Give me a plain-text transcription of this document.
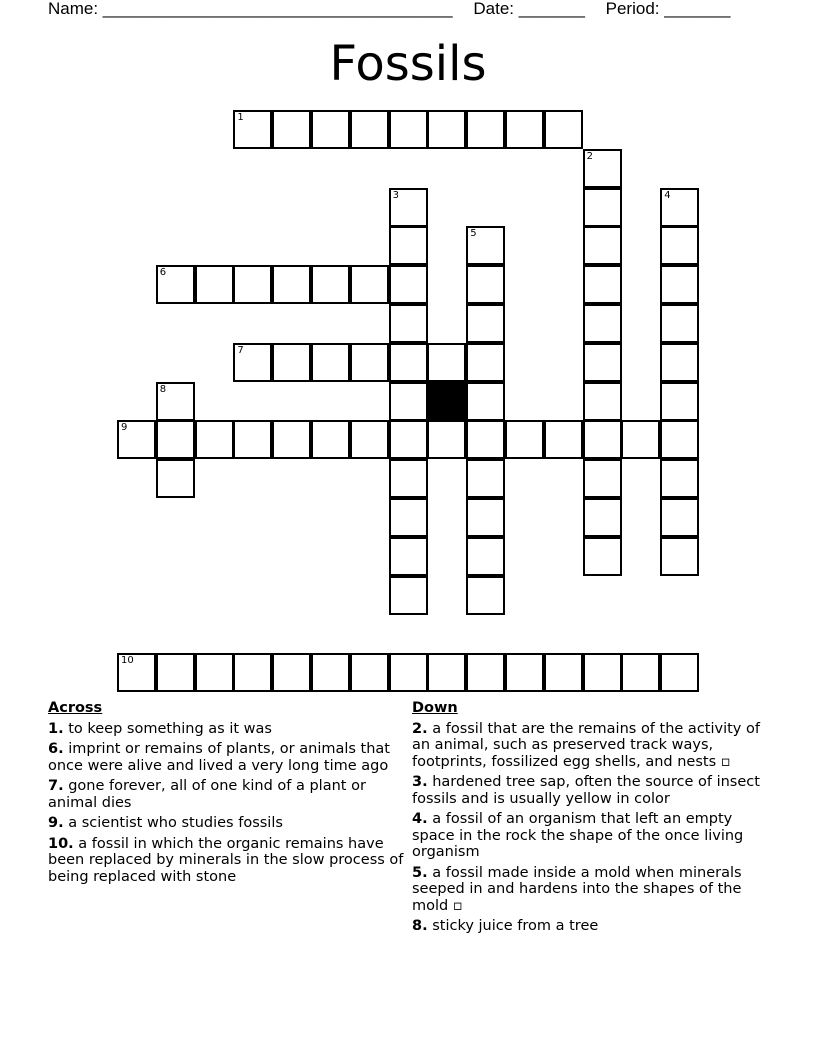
Name: _____________________________________ Date: _______ Period: _______
Fossils
1
2
3	4
5
6
7
8
9
10
Across
1. to keep something as it was
6. imprint or remains of plants, or animals that once were alive and lived a very long time ago
7. gone forever, all of one kind of a plant or animal dies
9. a scientist who studies fossils
10. a fossil in which the organic remains have been replaced by minerals in the slow process of being replaced with stone
Down
2. a fossil that are the remains of the activity of an animal, such as preserved track ways, footprints, fossilized egg shells, and nests ▫
3. hardened tree sap, often the source of insect fossils and is usually yellow in color
4. a fossil of an organism that left an empty space in the rock the shape of the once living organism
5. a fossil made inside a mold when minerals seeped in and hardens into the shapes of the mold ▫
8. sticky juice from a tree
